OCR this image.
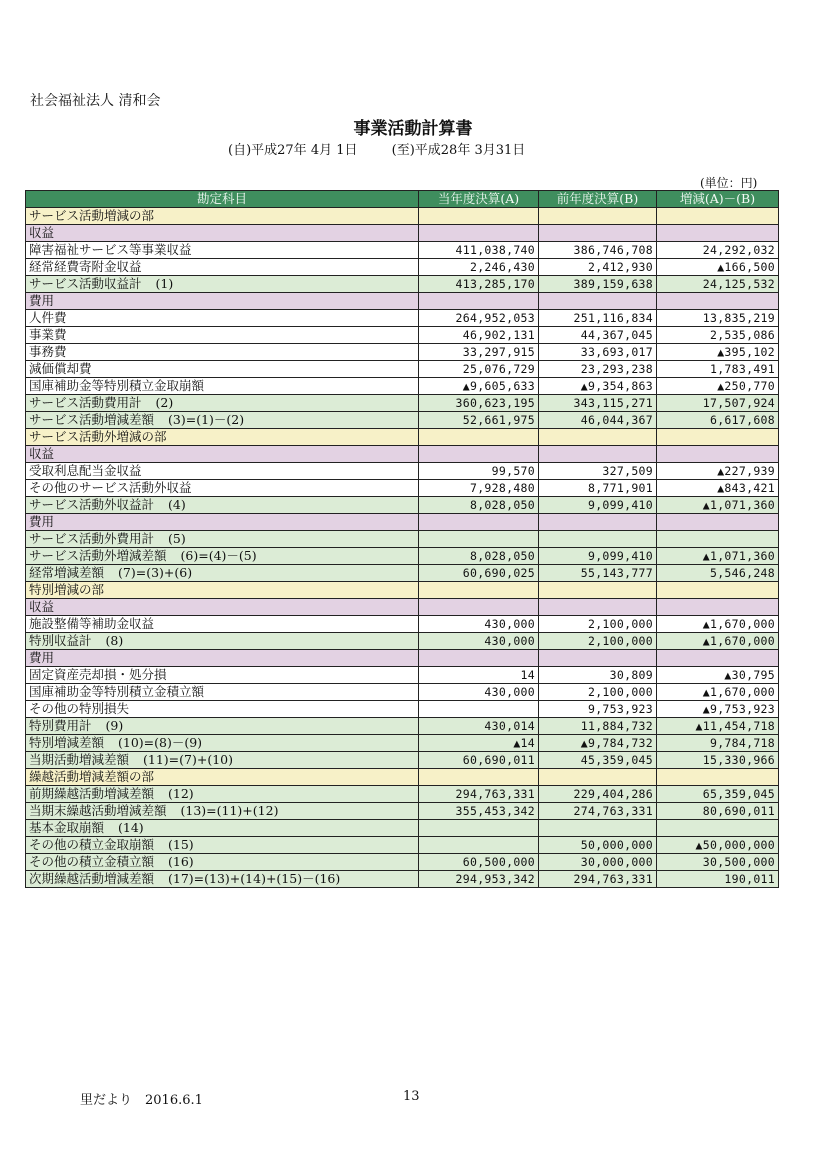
社会福祉法人 清和会
事業活動計算書
(自)平成27年 4月 1日	(至)平成28年 3月31日
(単位：円)
勘定科目	当年度決算(A)	前年度決算(B)	増減(A)－(B)
サービス活動増減の部			
収益			
障害福祉サービス等事業収益	411,038,740	386,746,708	24,292,032
経常経費寄附金収益	2,246,430	2,412,930	▲166,500
サービス活動収益計 (1)	413,285,170	389,159,638	24,125,532
費用			
人件費	264,952,053	251,116,834	13,835,219
事業費	46,902,131	44,367,045	2,535,086
事務費	33,297,915	33,693,017	▲395,102
減価償却費	25,076,729	23,293,238	1,783,491
国庫補助金等特別積立金取崩額	▲9,605,633	▲9,354,863	▲250,770
サービス活動費用計 (2)	360,623,195	343,115,271	17,507,924
サービス活動増減差額 (3)=(1)－(2)	52,661,975	46,044,367	6,617,608
サービス活動外増減の部			
収益			
受取利息配当金収益	99,570	327,509	▲227,939
その他のサービス活動外収益	7,928,480	8,771,901	▲843,421
サービス活動外収益計 (4)	8,028,050	9,099,410	▲1,071,360
費用			
サービス活動外費用計 (5)			
サービス活動外増減差額 (6)=(4)－(5)	8,028,050	9,099,410	▲1,071,360
経常増減差額 (7)=(3)+(6)	60,690,025	55,143,777	5,546,248
特別増減の部			
収益			
施設整備等補助金収益	430,000	2,100,000	▲1,670,000
特別収益計 (8)	430,000	2,100,000	▲1,670,000
費用			
固定資産売却損・処分損	14	30,809	▲30,795
国庫補助金等特別積立金積立額	430,000	2,100,000	▲1,670,000
その他の特別損失		9,753,923	▲9,753,923
特別費用計 (9)	430,014	11,884,732	▲11,454,718
特別増減差額 (10)=(8)－(9)	▲14	▲9,784,732	9,784,718
当期活動増減差額 (11)=(7)+(10)	60,690,011	45,359,045	15,330,966
繰越活動増減差額の部			
前期繰越活動増減差額 (12)	294,763,331	229,404,286	65,359,045
当期末繰越活動増減差額 (13)=(11)+(12)	355,453,342	274,763,331	80,690,011
基本金取崩額 (14)			
その他の積立金取崩額 (15)		50,000,000	▲50,000,000
その他の積立金積立額 (16)	60,500,000	30,000,000	30,500,000
次期繰越活動増減差額 (17)=(13)+(14)+(15)－(16)	294,953,342	294,763,331	190,011
里だより　2016.6.1	13
